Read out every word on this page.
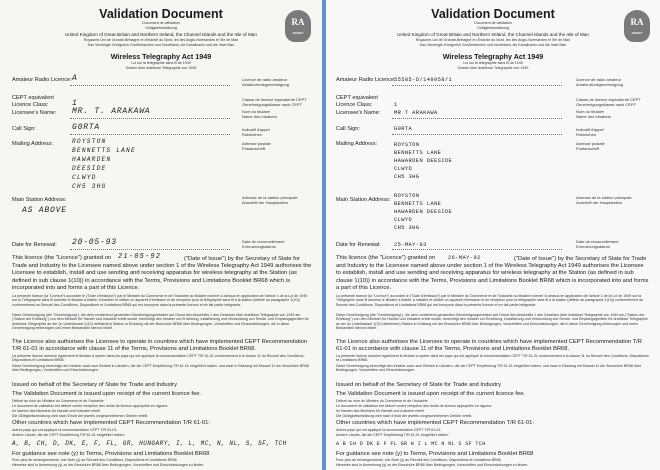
Validation Document
Document de validation
Gültigkeitserklärung
United Kingdom of Great Britain and Northern Ireland, the Channel Islands and the Isle of Man
Royaume-Uni de Grande-Bretagne et d'Irlande du Nord, les îles Anglo-Normandes et l'Ile de Man
Das Vereinigte Königreich Großbritannien und Nordirland, die Kanalinseln und die Insel Man
Wireless Telegraphy Act 1949
Loi sur la télégraphie sans fil de 1949
Gesetz über drahtlose Telegraphie von 1949
RA
AGENCY
Amateur Radio Licence: A	Licence de radio amateur
Amateurfunkgenehmigung
CEPT equivalent
Licence Class:	1	Classe de licence équivalente CEPT
Genehmigungsklasse nach CEPT
Licensee's Name: MR. T. ARAKAWA	Nom du titulaire
Name des Inhabers
Call Sign:	G0RTA	Indicatif d'appel
Rufzeichen
Mailing Address:	ROYSTON
BENNETTS LANE
HAWARDEN
DEESIDE
CLWYD
CH5 3HG
Adresse postale
Postanschrift
Main Station Address:
AS ABOVE
Adresse de la station principale
Anschrift der Hauptstation
Date for Renewal: 20-05-93	Date de renouvellement
Erneuerungsdatum
This licence (the "Licence") granted on 21-05-92	("Date of Issue") by the Secretary of State for Trade and Industry to the Licensee named above under section 1 of the Wireless Telegraphy Act 1949 authorises the Licensee to establish, install and use sending and receiving apparatus for wireless telegraphy at the Station (as defined in sub clause 1(10)) in accordance with the Terms, Provisions and Limitations Booklet BR68 which is incorporated into and forms a part of this Licence.
La présente licence (la "Licence") accordée le ("Date d'émission") par le Ministre du Commerce et de l'Industrie au titulaire nommé ci-dessus en application de l'article 1 de la Loi de 1949 sur la Télégraphie sans fil autorise le titulaire à établir, à installer et utiliser un appareil d'émission et de réception pour la télégraphie sans fil à la station (définie au paragraphe 1(10)) conformément au Recueil des Conditions, Dispositions et Limitations BR68 qui est incorporé dans la présente licence et en fait partie intégrante.
Diese Genehmigung (die "Genehmigung"), die dem vorstehend genannten Genehmigungsinhaber auf Grund des Abschnitts 1 des Gesetzes über drahtlose Telegraphie von 1949 am ("Datum der Erteilung") von dem Minister für Handel und Industrie erteilt wurde, berechtigt den Inhaber zur Errichtung, Installierung und Verwendung von Sende- und Empfangsgeräten für drahtlose Telegraphie an der (in Unterklausel 1(10) definierten) Station in Einklang mit der Broschüre BR68 über Bedingungen, Vorschriften und Einschränkungen, die in diese Genehmigung einbezogen und einen Bestandteil hiervon bildet.
The Licence also authorises the Licensee to operate in countries which have implemented CEPT Recommendation T/R 61-01 in accordance with clause 11 of the Terms, Provisions and Limitations Booklet BR68.
La présente licence autorise également le titulaire à opérer dans les pays qui ont appliqué la recommandation CEPT T/R 61-01 conformément à la clause 11 du Recueil des Conditions, Dispositions et Limitations BR68.
Diese Genehmigung berechtigt den Inhaber auch zum Betrieb in Ländern, die die CEPT Empfehlung T/R 61-01 eingeführt haben, und zwar in Einklang mit Klausel 11 der Broschüre BR68 über Bedingungen, Vorschriften und Einschränkungen.
Issued on behalf of the Secretary of State for Trade and Industry
The Validation Document is issued upon receipt of the current licence fee.
Délivré au nom du Ministre du Commerce et de l'Industrie
Le document de validation est délivré contre réception des droits de licence appropriés en vigueur.
Im Namen des Ministers für Handel und Industrie erteilt
Die Gültigkeitserklärung wird nach Erhalt der jeweils vorgeschriebenen Gebühr erteilt.
Other countries which have implemented CEPT Recommendation T/R 61-01:
Autres pays qui ont appliqué la recommandation CEPT T/R 61-01:
Andere Länder, die die CEPT Empfehlung T/R 61-01 eingeführt haben:
A, B, CH, D, DK, E, F, FL, GR, HUNGARY, I, L, MC, N, NL, S, SF, TCH
For guidance see note (y) to Terms, Provisions and Limitations Booklet BR68
Pour plus de renseignements, voir Note (y) au Recueil des Conditions, Dispositions et Limitations BR68
Hinweise sind in Anmerkung (y) zu der Broschüre BR68 über Bedingungen, Vorschriften und Einschränkungen zu finden.
Validation Document
Document de validation
Gültigkeitserklärung
United Kingdom of Great Britain and Northern Ireland, the Channel Islands and the Isle of Man
Royaume-Uni de Grande-Bretagne et d'Irlande du Nord, les îles Anglo-Normandes et l'Ile de Man
Das Vereinigte Königreich Großbritannien und Nordirland, die Kanalinseln und die Insel Man
Wireless Telegraphy Act 1949
Loi sur la télégraphie sans fil de 1949
Gesetz über drahtlose Telegraphie von 1949
RA
AGENCY
Amateur Radio Licence:
55585-D/149958/1	Licence de radio amateur
Amateurfunkgenehmigung
CEPT equivalent
Licence Class:	1
Classe de licence équivalente CEPT
Genehmigungsklasse nach CEPT
Licensee's Name:	MR T ARAKAWA	Nom du titulaire
Name des Inhabers
Call Sign:	G0RTA	Indicatif d'appel
Rufzeichen
Mailing Address:	ROYSTON
BENNETTS LANE
HAWARDEN DEESIDE
CLWYD
CH5 3HG
Adresse postale
Postanschrift
Main Station Address:
ROYSTON
BENNETTS LANE
HAWARDEN DEESIDE
CLWYD
CH5 3HG
Adresse de la station principale
Anschrift der Hauptstation
Date for Renewal: 25-MAY-93
Date de renouvellement
Erneuerungsdatum
This licence (the "Licence") granted on 26-MAY-92	("Date of Issue") by the Secretary of State for Trade and Industry to the Licensee named above under section 1 of the Wireless Telegraphy Act 1949 authorises the Licensee to establish, install and use sending and receiving apparatus for wireless telegraphy at the Station (as defined in sub clause 1(10)) in accordance with the Terms, Provisions and Limitations Booklet BR68 which is incorporated into and forms a part of this Licence.
La présente licence (la "Licence") accordée le ("Date d'émission") par le Ministre du Commerce et de l'Industrie au titulaire nommé ci-dessus en application de l'article 1 de la Loi de 1949 sur la Télégraphie sans fil autorise le titulaire à établir, à installer et utiliser un appareil d'émission et de réception pour la télégraphie sans fil à la station (définie au paragraphe 1(10)) conformément au Recueil des Conditions, Dispositions et Limitations BR68 qui est incorporé dans la présente licence et en fait partie intégrante.
Diese Genehmigung (die "Genehmigung"), die dem vorstehend genannten Genehmigungsinhaber auf Grund des Abschnitts 1 des Gesetzes über drahtlose Telegraphie von 1949 am ("Datum der Erteilung") von dem Minister für Handel und Industrie erteilt wurde, berechtigt den Inhaber zur Errichtung, Installierung und Verwendung von Sende- und Empfangsgeräten für drahtlose Telegraphie an der (in Unterklausel 1(10) definierten) Station in Einklang mit der Broschüre BR68 über Bedingungen, Vorschriften und Einschränkungen, die in diese Genehmigung einbezogen und einen Bestandteil hiervon bildet.
The Licence also authorises the Licensee to operate in countries which have implemented CEPT Recommendation T/R 61-01 in accordance with clause 11 of the Terms, Provisions and Limitations Booklet BR68.
La présente licence autorise également le titulaire à opérer dans les pays qui ont appliqué la recommandation CEPT T/R 61-01 conformément à la clause 11 du Recueil des Conditions, Dispositions et Limitations BR68.
Diese Genehmigung berechtigt den Inhaber auch zum Betrieb in Ländern, die die CEPT Empfehlung T/R 61-01 eingeführt haben, und zwar in Einklang mit Klausel 11 der Broschüre BR68 über Bedingungen, Vorschriften und Einschränkungen.
Issued on behalf of the Secretary of State for Trade and Industry
The Validation Document is issued upon receipt of the current licence fee.
Délivré au nom du Ministre du Commerce et de l'Industrie
Le document de validation est délivré contre réception des droits de licence appropriés en vigueur.
Im Namen des Ministers für Handel und Industrie erteilt
Die Gültigkeitserklärung wird nach Erhalt der jeweils vorgeschriebenen Gebühr erteilt.
Other countries which have implemented CEPT Recommendation T/R 61-01:
Autres pays qui ont appliqué la recommandation CEPT T/R 61-01:
Andere Länder, die die CEPT Empfehlung T/R 61-01 eingeführt haben:
A B CH D DK E F FL GR H I L MC N NL S SF TCH
For guidance see note (y) to Terms, Provisions and Limitations Booklet BR68
Pour plus de renseignements, voir Note (y) au Recueil des Conditions, Dispositions et Limitations BR68
Hinweise sind in Anmerkung (y) zu der Broschüre BR68 über Bedingungen, Vorschriften und Einschränkungen zu finden.
